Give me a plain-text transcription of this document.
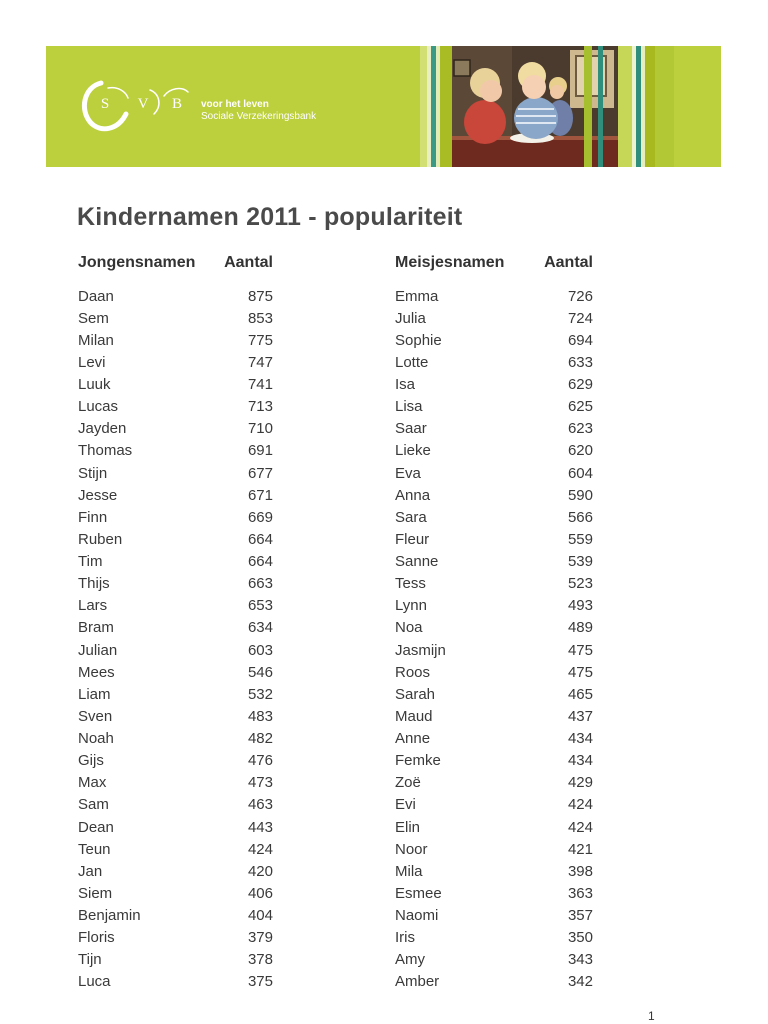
S V B voor het leven
Sociale Verzekeringsbank
Kindernamen 2011 - populariteit
Jongensnamen Aantal
Daan	875
Sem	853
Milan	775
Levi	747
Luuk	741
Lucas	713
Jayden	710
Thomas	691
Stijn	677
Jesse	671
Finn	669
Ruben	664
Tim	664
Thijs	663
Lars	653
Bram	634
Julian	603
Mees	546
Liam	532
Sven	483
Noah	482
Gijs	476
Max	473
Sam	463
Dean	443
Teun	424
Jan	420
Siem	406
Benjamin	404
Floris	379
Tijn	378
Luca	375
Meisjesnamen Aantal
Emma	726
Julia	724
Sophie	694
Lotte	633
Isa	629
Lisa	625
Saar	623
Lieke	620
Eva	604
Anna	590
Sara	566
Fleur	559
Sanne	539
Tess	523
Lynn	493
Noa	489
Jasmijn	475
Roos	475
Sarah	465
Maud	437
Anne	434
Femke	434
Zoë	429
Evi	424
Elin	424
Noor	421
Mila	398
Esmee	363
Naomi	357
Iris	350
Amy	343
Amber	342
1
